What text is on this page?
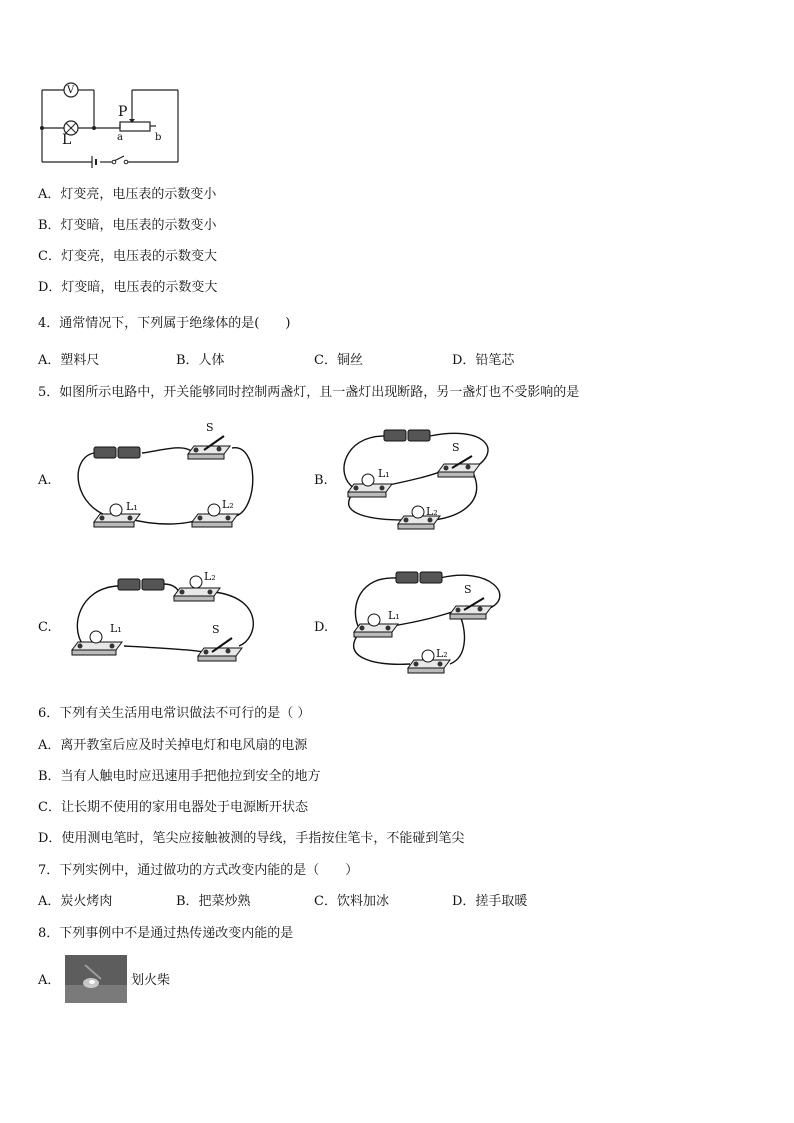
V
L
P
a	b
A．灯变亮，电压表的示数变小
B．灯变暗，电压表的示数变小
C．灯变亮，电压表的示数变大
D．灯变暗，电压表的示数变大
4．通常情况下，下列属于绝缘体的是(　　)
A．塑料尺	B．人体	C．铜丝	D．铅笔芯
5．如图所示电路中，开关能够同时控制两盏灯，且一盏灯出现断路，另一盏灯也不受影响的是
A.
S
L₁	L₂
B.
S
L₁
L₂
C.
L₂
L₁	S	D.
S
L₁
L₂
6．下列有关生活用电常识做法不可行的是（ ）
A．离开教室后应及时关掉电灯和电风扇的电源
B．当有人触电时应迅速用手把他拉到安全的地方
C．让长期不使用的家用电器处于电源断开状态
D．使用测电笔时，笔尖应接触被测的导线，手指按住笔卡，不能碰到笔尖
7．下列实例中，通过做功的方式改变内能的是（　　）
A．炭火烤肉	B．把菜炒熟	C．饮料加冰	D．搓手取暖
8．下列事例中不是通过热传递改变内能的是
A．	划火柴
